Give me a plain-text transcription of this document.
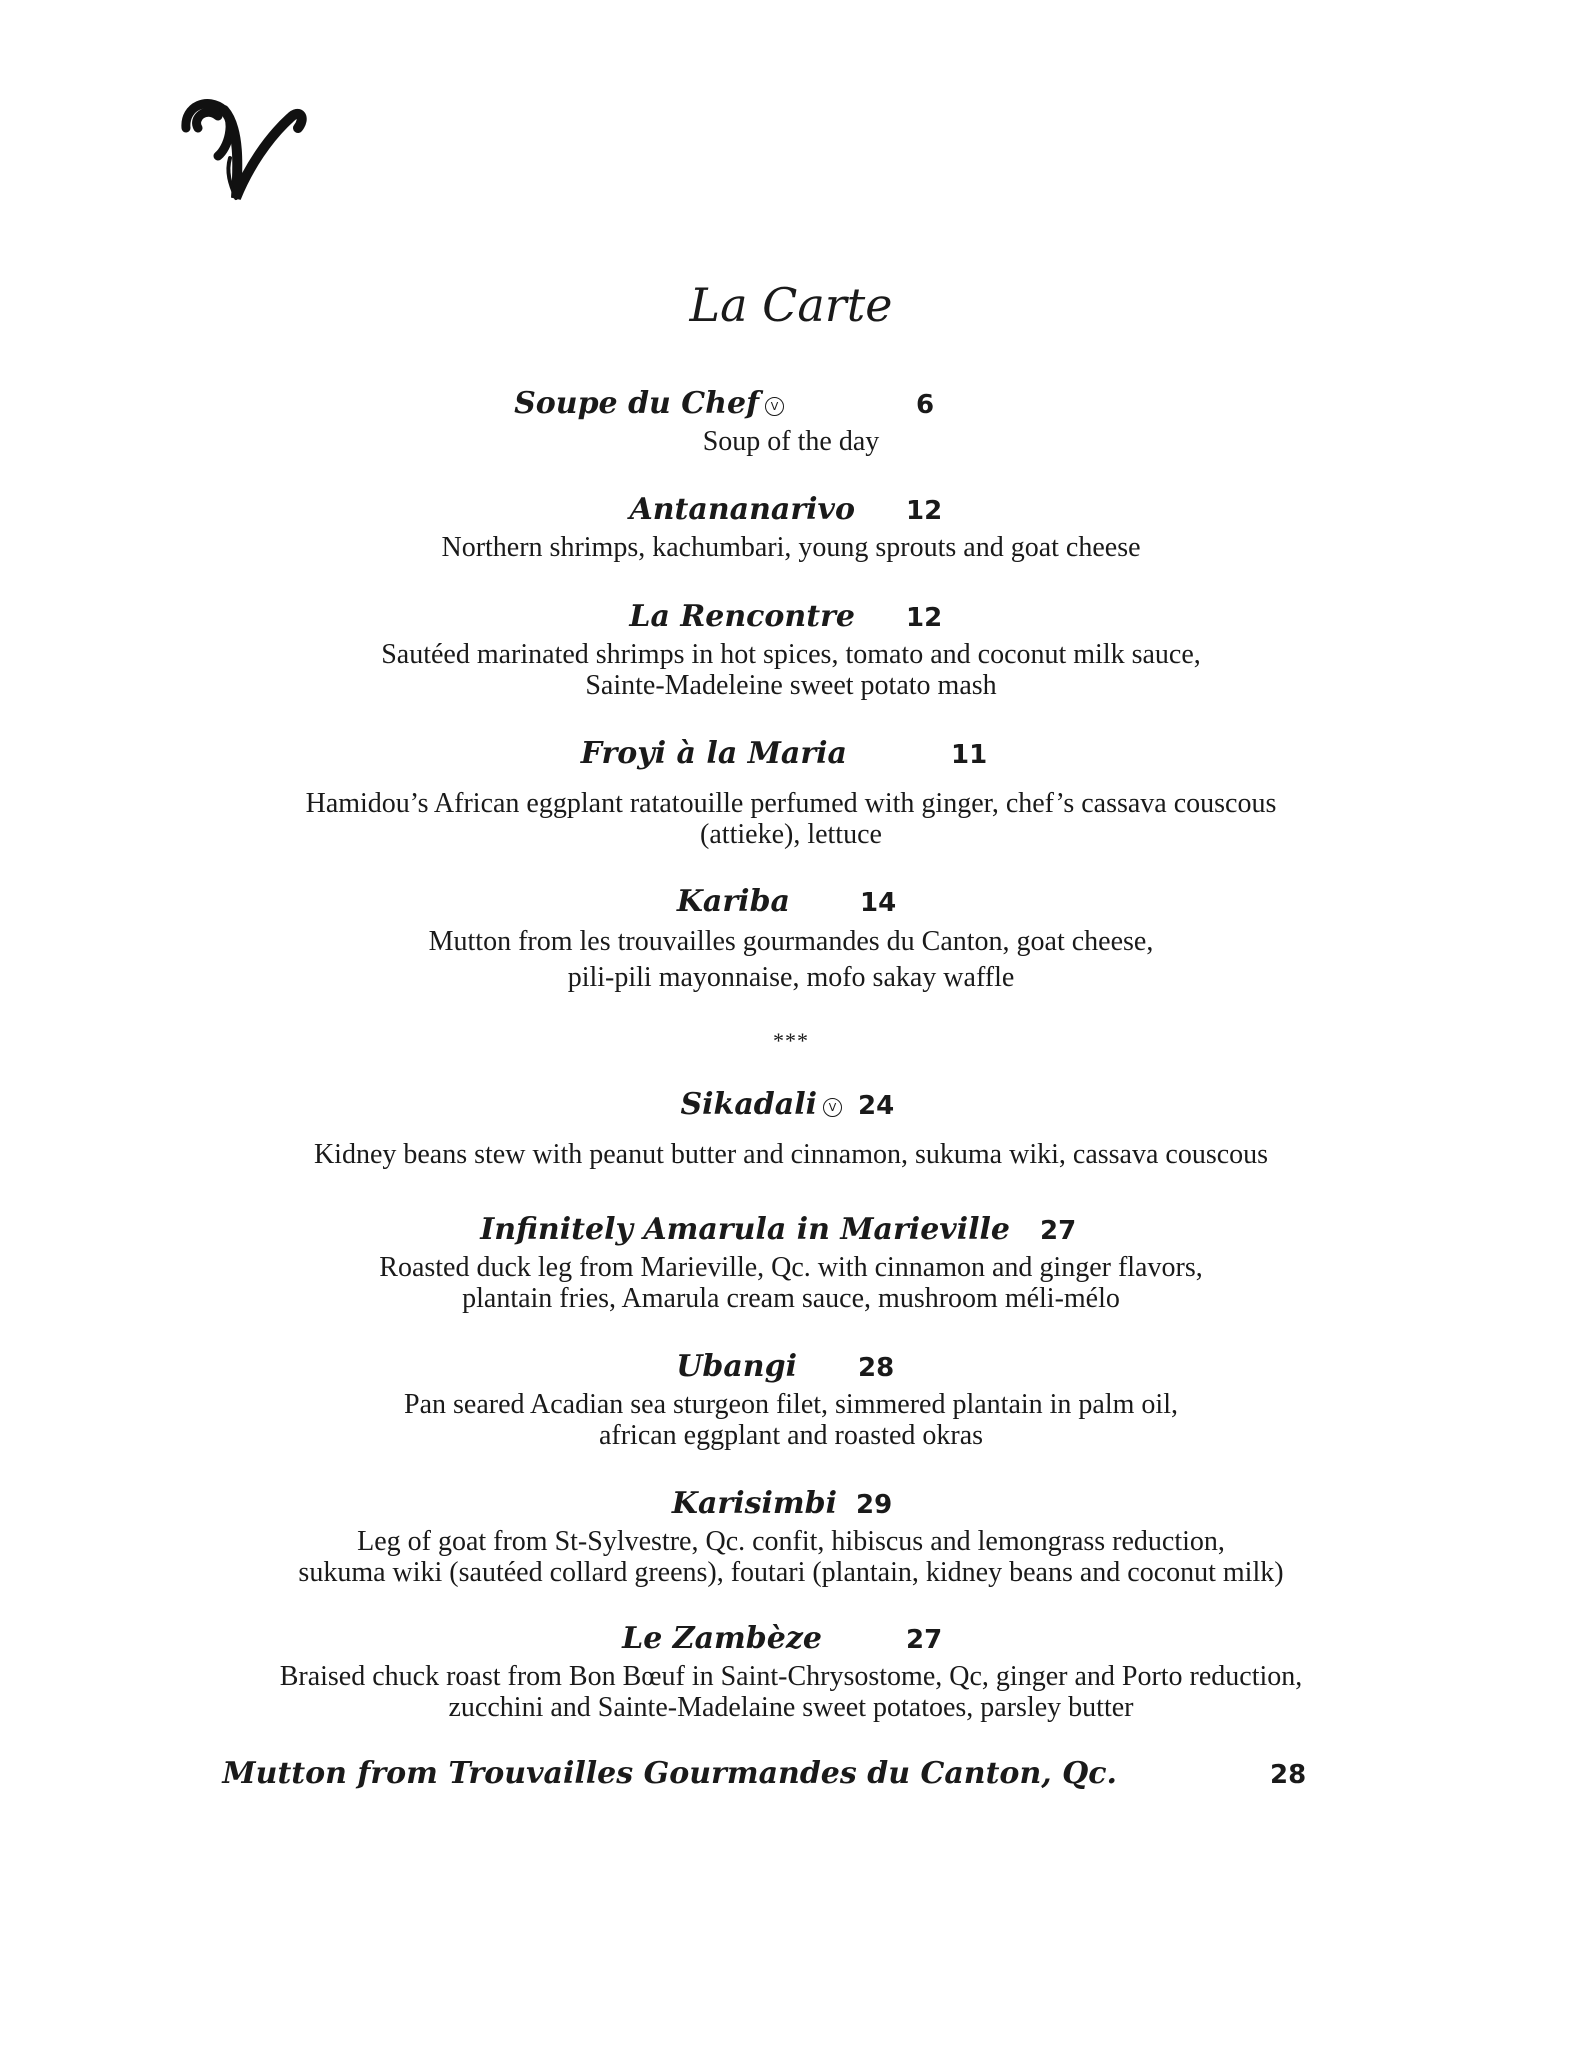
La Carte
Soupe du Chef V	6
Soup of the day
Antananarivo 12
Northern shrimps, kachumbari, young sprouts and goat cheese
La Rencontre 12
Sautéed marinated shrimps in hot spices, tomato and coconut milk sauce,
Sainte-Madeleine sweet potato mash
Froyi à la Maria	11
Hamidou’s African eggplant ratatouille perfumed with ginger, chef’s cassava couscous
(attieke), lettuce
Kariba	14
Mutton from les trouvailles gourmandes du Canton, goat cheese,
pili-pili mayonnaise, mofo sakay waffle
***
Sikadali V 24
Kidney beans stew with peanut butter and cinnamon, sukuma wiki, cassava couscous
Infinitely Amarula in Marieville 27
Roasted duck leg from Marieville, Qc. with cinnamon and ginger flavors,
plantain fries, Amarula cream sauce, mushroom méli-mélo
Ubangi 28
Pan seared Acadian sea sturgeon filet, simmered plantain in palm oil,
african eggplant and roasted okras
Karisimbi 29
Leg of goat from St-Sylvestre, Qc. confit, hibiscus and lemongrass reduction,
sukuma wiki (sautéed collard greens), foutari (plantain, kidney beans and coconut milk)
Le Zambèze	27
Braised chuck roast from Bon Bœuf in Saint-Chrysostome, Qc, ginger and Porto reduction,
zucchini and Sainte-Madelaine sweet potatoes, parsley butter
Mutton from Trouvailles Gourmandes du Canton, Qc.	28
